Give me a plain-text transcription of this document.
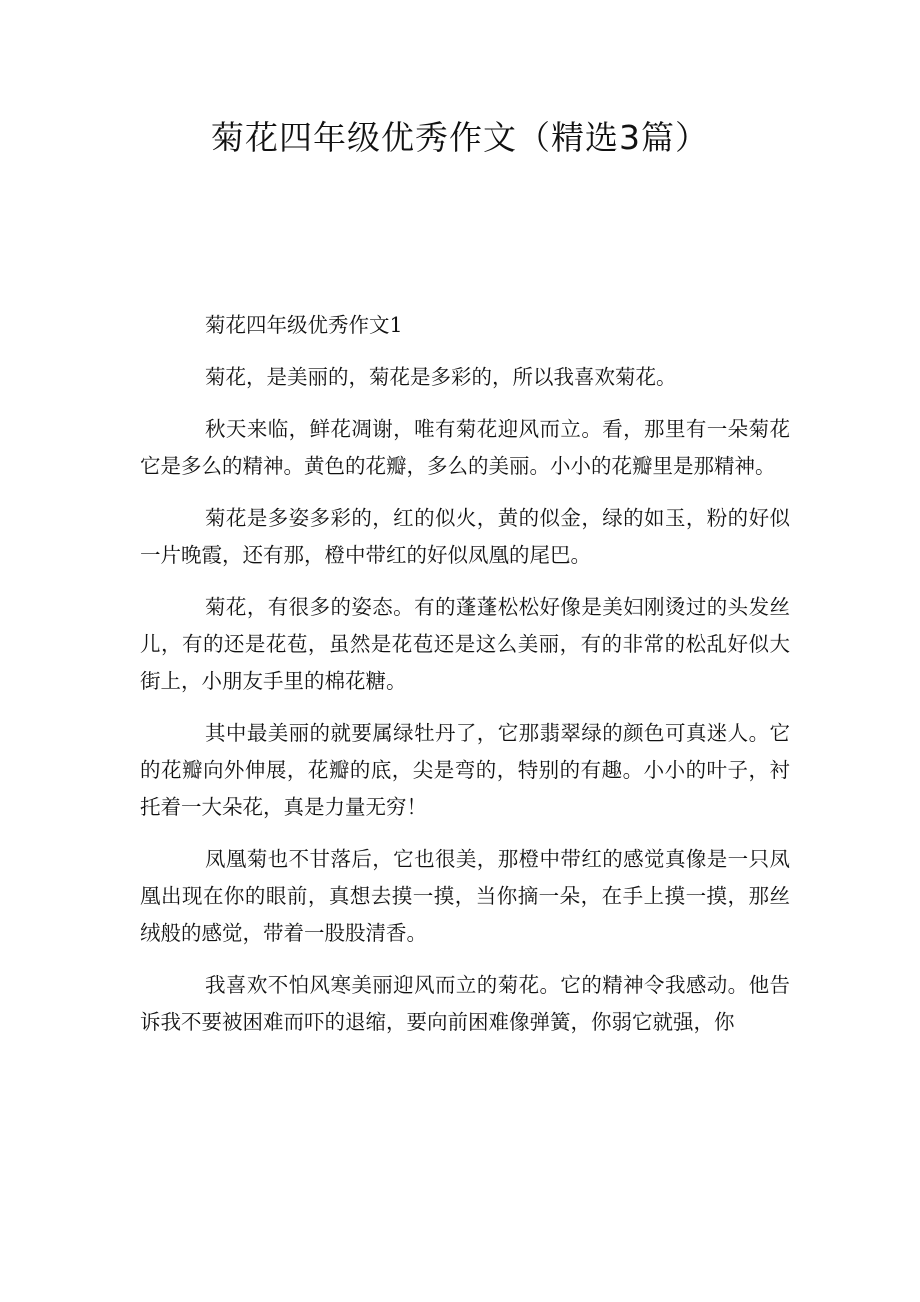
菊花四年级优秀作文（精选3篇）

菊花四年级优秀作文1

菊花，是美丽的，菊花是多彩的，所以我喜欢菊花。

秋天来临，鲜花凋谢，唯有菊花迎风而立。看，那里有一朵菊花它是多么的精神。黄色的花瓣，多么的美丽。小小的花瓣里是那精神。

菊花是多姿多彩的，红的似火，黄的似金，绿的如玉，粉的好似一片晚霞，还有那，橙中带红的好似凤凰的尾巴。

菊花，有很多的姿态。有的蓬蓬松松好像是美妇刚烫过的头发丝儿，有的还是花苞，虽然是花苞还是这么美丽，有的非常的松乱好似大街上，小朋友手里的棉花糖。

其中最美丽的就要属绿牡丹了，它那翡翠绿的颜色可真迷人。它的花瓣向外伸展，花瓣的底，尖是弯的，特别的有趣。小小的叶子，衬托着一大朵花，真是力量无穷！

凤凰菊也不甘落后，它也很美，那橙中带红的感觉真像是一只凤凰出现在你的眼前，真想去摸一摸，当你摘一朵，在手上摸一摸，那丝绒般的感觉，带着一股股清香。

我喜欢不怕风寒美丽迎风而立的菊花。它的精神令我感动。他告诉我不要被困难而吓的退缩，要向前困难像弹簧，你弱它就强，你
